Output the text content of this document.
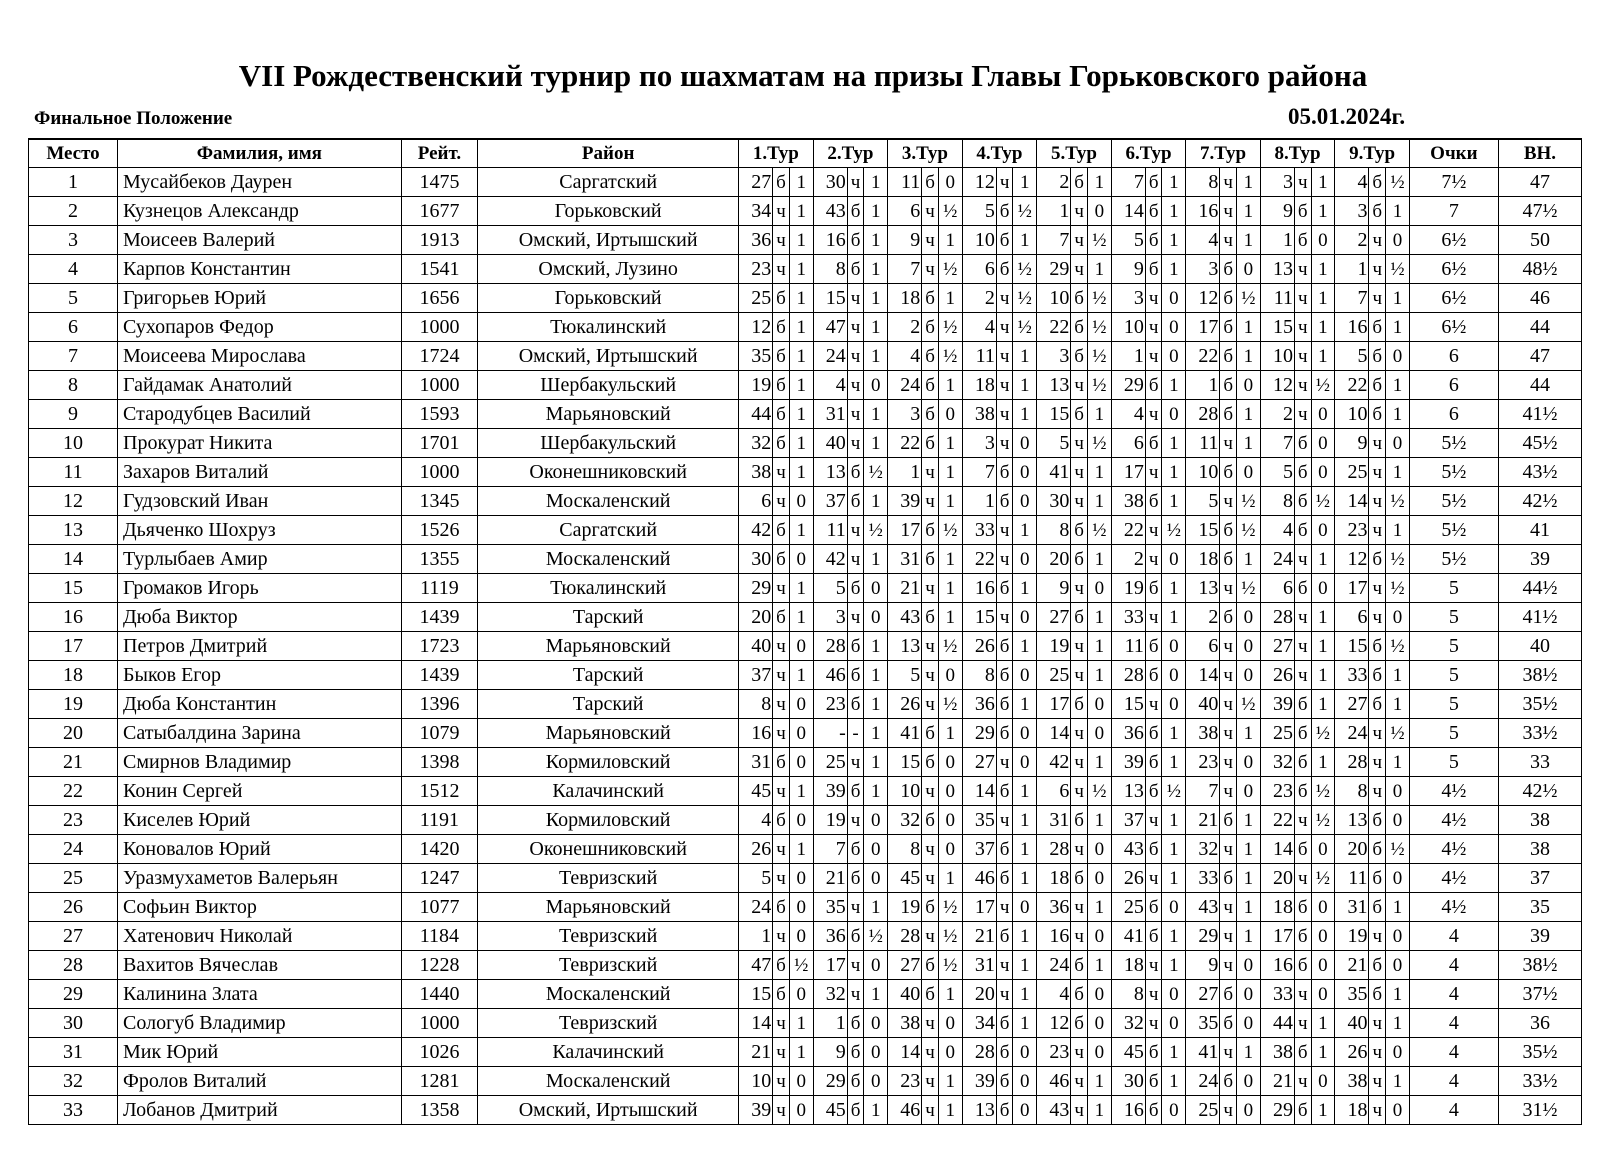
VII Рождественский турнир по шахматам на призы Главы Горьковского района
Финальное Положение	05.01.2024г.
Место	Фамилия, имя	Рейт.	Район	1.Тур			2.Тур			3.Тур			4.Тур			5.Тур			6.Тур			7.Тур			8.Тур			9.Тур			Очки	ВН.
1	Мусайбеков Даурен	1475	Саргатский	27	б	1	30	ч	1	11	б	0	12	ч	1	2	б	1	7	б	1	8	ч	1	3	ч	1	4	б	½	7½	47
2	Кузнецов Александр	1677	Горьковский	34	ч	1	43	б	1	6	ч	½	5	б	½	1	ч	0	14	б	1	16	ч	1	9	б	1	3	б	1	7	47½
3	Моисеев Валерий	1913	Омский, Иртышский	36	ч	1	16	б	1	9	ч	1	10	б	1	7	ч	½	5	б	1	4	ч	1	1	б	0	2	ч	0	6½	50
4	Карпов Константин	1541	Омский, Лузино	23	ч	1	8	б	1	7	ч	½	6	б	½	29	ч	1	9	б	1	3	б	0	13	ч	1	1	ч	½	6½	48½
5	Григорьев Юрий	1656	Горьковский	25	б	1	15	ч	1	18	б	1	2	ч	½	10	б	½	3	ч	0	12	б	½	11	ч	1	7	ч	1	6½	46
6	Сухопаров Федор	1000	Тюкалинский	12	б	1	47	ч	1	2	б	½	4	ч	½	22	б	½	10	ч	0	17	б	1	15	ч	1	16	б	1	6½	44
7	Моисеева Мирослава	1724	Омский, Иртышский	35	б	1	24	ч	1	4	б	½	11	ч	1	3	б	½	1	ч	0	22	б	1	10	ч	1	5	б	0	6	47
8	Гайдамак Анатолий	1000	Шербакульский	19	б	1	4	ч	0	24	б	1	18	ч	1	13	ч	½	29	б	1	1	б	0	12	ч	½	22	б	1	6	44
9	Стародубцев Василий	1593	Марьяновский	44	б	1	31	ч	1	3	б	0	38	ч	1	15	б	1	4	ч	0	28	б	1	2	ч	0	10	б	1	6	41½
10	Прокурат Никита	1701	Шербакульский	32	б	1	40	ч	1	22	б	1	3	ч	0	5	ч	½	6	б	1	11	ч	1	7	б	0	9	ч	0	5½	45½
11	Захаров Виталий	1000	Оконешниковский	38	ч	1	13	б	½	1	ч	1	7	б	0	41	ч	1	17	ч	1	10	б	0	5	б	0	25	ч	1	5½	43½
12	Гудзовский Иван	1345	Москаленский	6	ч	0	37	б	1	39	ч	1	1	б	0	30	ч	1	38	б	1	5	ч	½	8	б	½	14	ч	½	5½	42½
13	Дьяченко Шохруз	1526	Саргатский	42	б	1	11	ч	½	17	б	½	33	ч	1	8	б	½	22	ч	½	15	б	½	4	б	0	23	ч	1	5½	41
14	Турлыбаев Амир	1355	Москаленский	30	б	0	42	ч	1	31	б	1	22	ч	0	20	б	1	2	ч	0	18	б	1	24	ч	1	12	б	½	5½	39
15	Громаков Игорь	1119	Тюкалинский	29	ч	1	5	б	0	21	ч	1	16	б	1	9	ч	0	19	б	1	13	ч	½	6	б	0	17	ч	½	5	44½
16	Дюба Виктор	1439	Тарский	20	б	1	3	ч	0	43	б	1	15	ч	0	27	б	1	33	ч	1	2	б	0	28	ч	1	6	ч	0	5	41½
17	Петров Дмитрий	1723	Марьяновский	40	ч	0	28	б	1	13	ч	½	26	б	1	19	ч	1	11	б	0	6	ч	0	27	ч	1	15	б	½	5	40
18	Быков Егор	1439	Тарский	37	ч	1	46	б	1	5	ч	0	8	б	0	25	ч	1	28	б	0	14	ч	0	26	ч	1	33	б	1	5	38½
19	Дюба Константин	1396	Тарский	8	ч	0	23	б	1	26	ч	½	36	б	1	17	б	0	15	ч	0	40	ч	½	39	б	1	27	б	1	5	35½
20	Сатыбалдина Зарина	1079	Марьяновский	16	ч	0	-	-	1	41	б	1	29	б	0	14	ч	0	36	б	1	38	ч	1	25	б	½	24	ч	½	5	33½
21	Смирнов Владимир	1398	Кормиловский	31	б	0	25	ч	1	15	б	0	27	ч	0	42	ч	1	39	б	1	23	ч	0	32	б	1	28	ч	1	5	33
22	Конин Сергей	1512	Калачинский	45	ч	1	39	б	1	10	ч	0	14	б	1	6	ч	½	13	б	½	7	ч	0	23	б	½	8	ч	0	4½	42½
23	Киселев Юрий	1191	Кормиловский	4	б	0	19	ч	0	32	б	0	35	ч	1	31	б	1	37	ч	1	21	б	1	22	ч	½	13	б	0	4½	38
24	Коновалов Юрий	1420	Оконешниковский	26	ч	1	7	б	0	8	ч	0	37	б	1	28	ч	0	43	б	1	32	ч	1	14	б	0	20	б	½	4½	38
25	Уразмухаметов Валерьян	1247	Тевризский	5	ч	0	21	б	0	45	ч	1	46	б	1	18	б	0	26	ч	1	33	б	1	20	ч	½	11	б	0	4½	37
26	Софьин Виктор	1077	Марьяновский	24	б	0	35	ч	1	19	б	½	17	ч	0	36	ч	1	25	б	0	43	ч	1	18	б	0	31	б	1	4½	35
27	Хатенович Николай	1184	Тевризский	1	ч	0	36	б	½	28	ч	½	21	б	1	16	ч	0	41	б	1	29	ч	1	17	б	0	19	ч	0	4	39
28	Вахитов Вячеслав	1228	Тевризский	47	б	½	17	ч	0	27	б	½	31	ч	1	24	б	1	18	ч	1	9	ч	0	16	б	0	21	б	0	4	38½
29	Калинина Злата	1440	Москаленский	15	б	0	32	ч	1	40	б	1	20	ч	1	4	б	0	8	ч	0	27	б	0	33	ч	0	35	б	1	4	37½
30	Сологуб Владимир	1000	Тевризский	14	ч	1	1	б	0	38	ч	0	34	б	1	12	б	0	32	ч	0	35	б	0	44	ч	1	40	ч	1	4	36
31	Мик Юрий	1026	Калачинский	21	ч	1	9	б	0	14	ч	0	28	б	0	23	ч	0	45	б	1	41	ч	1	38	б	1	26	ч	0	4	35½
32	Фролов Виталий	1281	Москаленский	10	ч	0	29	б	0	23	ч	1	39	б	0	46	ч	1	30	б	1	24	б	0	21	ч	0	38	ч	1	4	33½
33	Лобанов Дмитрий	1358	Омский, Иртышский	39	ч	0	45	б	1	46	ч	1	13	б	0	43	ч	1	16	б	0	25	ч	0	29	б	1	18	ч	0	4	31½
